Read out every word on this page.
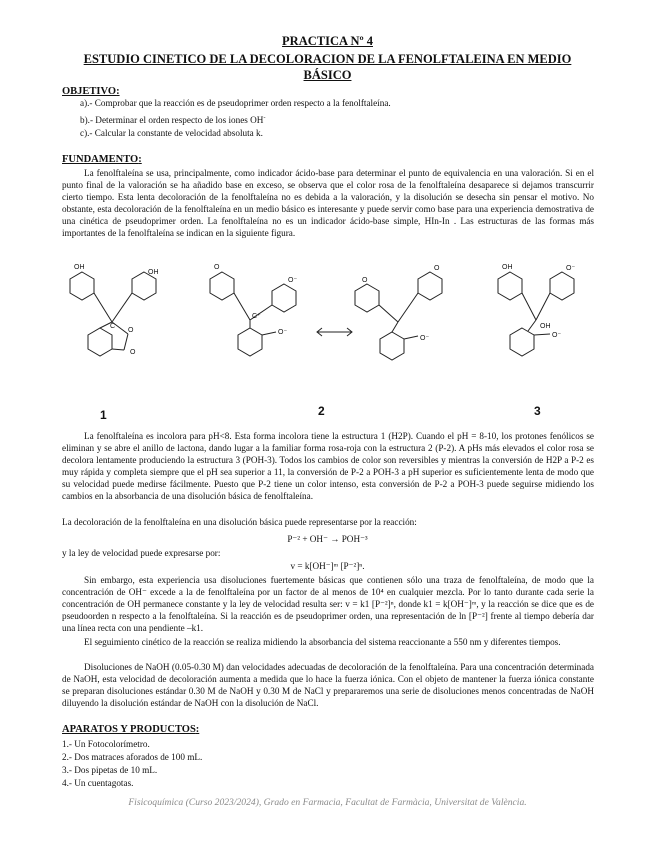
PRACTICA Nº 4
ESTUDIO CINETICO DE LA DECOLORACION DE LA FENOLFTALEINA EN MEDIO
BÁSICO
OBJETIVO:
a).- Comprobar que la reacción es de pseudoprimer orden respecto a la fenolftaleína.
b).- Determinar el orden respecto de los iones OH-
c).- Calcular la constante de velocidad absoluta k.
FUNDAMENTO:
La fenolftaleína se usa, principalmente, como indicador ácido-base para determinar el punto de equivalencia en una valoración. Si en el punto final de la valoración se ha añadido base en exceso, se observa que el color rosa de la fenolftaleína desaparece si dejamos transcurrir cierto tiempo. Esta lenta decoloración de la fenolftaleína no es debida a la valoración, y la disolución se desecha sin pensar el motivo. No obstante, esta decoloración de la fenolftaleína en un medio básico es interesante y puede servir como base para una experiencia demostrativa de una cinética de pseudoprimer orden. La fenolftaleína no es un indicador ácido-base simple, HIn-In . Las estructuras de las formas más importantes de la fenolftaleína se indican en la siguiente figura.
OH
OH
C
O
O
O
O⁻
C⁺
O⁻
O
O
O⁻
OH	O⁻
OH
O⁻
1	2	3
La fenolftaleína es incolora para pH<8. Esta forma incolora tiene la estructura 1 (H2P). Cuando el pH = 8-10, los protones fenólicos se eliminan y se abre el anillo de lactona, dando lugar a la familiar forma rosa-roja con la estructura 2 (P-2). A pHs más elevados el color rosa se decolora lentamente produciendo la estructura 3 (POH-3). Todos los cambios de color son reversibles y mientras la conversión de H2P a P-2 es muy rápida y completa siempre que el pH sea superior a 11, la conversión de P-2 a POH-3 a pH superior es suficientemente lenta de modo que su velocidad puede medirse fácilmente. Puesto que P-2 tiene un color intenso, esta conversión de P-2 a POH-3 puede seguirse midiendo los cambios en la absorbancia de una disolución básica de fenolftaleína.
La decoloración de la fenolftaleína en una disolución básica puede representarse por la reacción:
P⁻² + OH⁻ → POH⁻³
y la ley de velocidad puede expresarse por:
v = k[OH⁻]ᵐ [P⁻²]ⁿ.
Sin embargo, esta experiencia usa disoluciones fuertemente básicas que contienen sólo una traza de fenolftaleína, de modo que la concentración de OH⁻ excede a la de fenolftaleína por un factor de al menos de 10⁴ en cualquier mezcla. Por lo tanto durante cada serie la concentración de OH permanece constante y la ley de velocidad resulta ser: v = k1 [P⁻²]ⁿ, donde k1 = k[OH⁻]ᵐ, y la reacción se dice que es de pseudoorden n respecto a la fenolftaleína. Si la reacción es de pseudoprimer orden, una representación de ln [P⁻²] frente al tiempo debería dar una línea recta con una pendiente –k1.
El seguimiento cinético de la reacción se realiza midiendo la absorbancia del sistema reaccionante a 550 nm y diferentes tiempos.
Disoluciones de NaOH (0.05-0.30 M) dan velocidades adecuadas de decoloración de la fenolftaleína. Para una concentración determinada de NaOH, esta velocidad de decoloración aumenta a medida que lo hace la fuerza iónica. Con el objeto de mantener la fuerza iónica constante se preparan disoluciones estándar 0.30 M de NaOH y 0.30 M de NaCl y prepararemos una serie de disoluciones menos concentradas de NaOH diluyendo la disolución estándar de NaOH con la disolución de NaCl.
APARATOS Y PRODUCTOS:
1.- Un Fotocolorímetro.
2.- Dos matraces aforados de 100 mL.
3.- Dos pipetas de 10 mL.
4.- Un cuentagotas.
Fisicoquímica (Curso 2023/2024), Grado en Farmacia, Facultat de Farmàcia, Universitat de València.
